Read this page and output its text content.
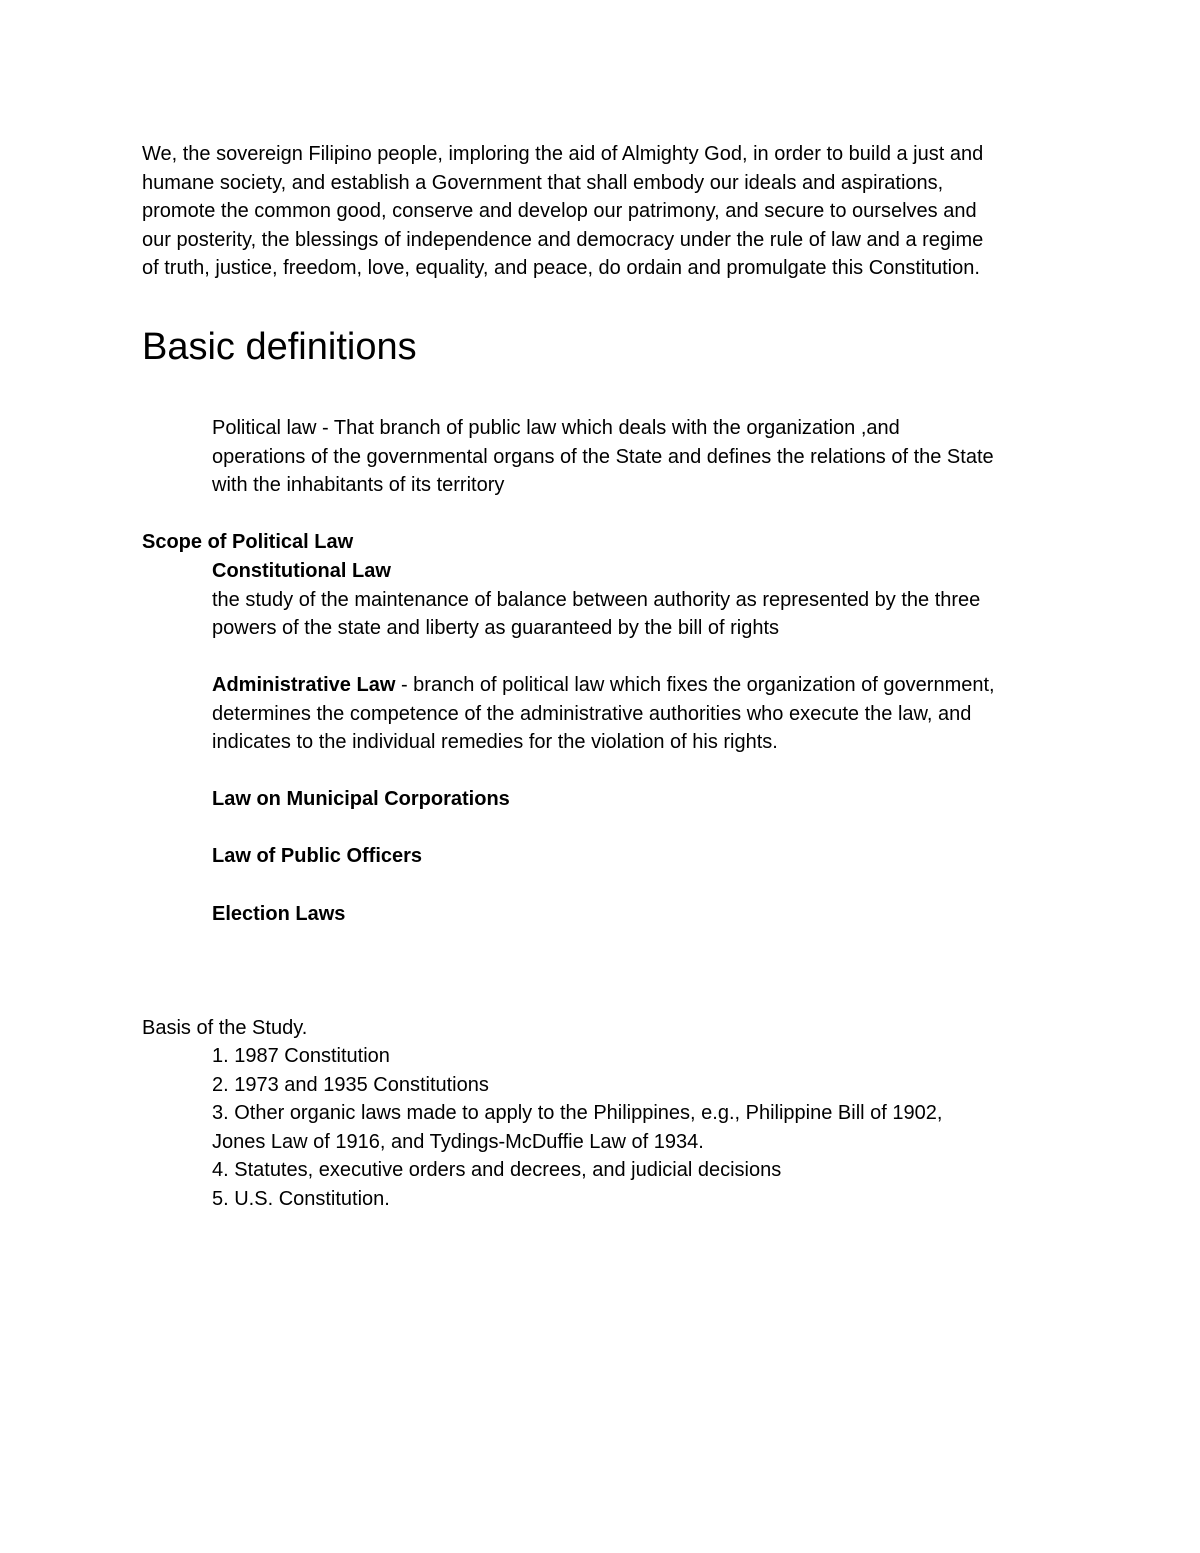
We, the sovereign Filipino people, imploring the aid of Almighty God, in order to build a just and
humane society, and establish a Government that shall embody our ideals and aspirations,
promote the common good, conserve and develop our patrimony, and secure to ourselves and
our posterity, the blessings of independence and democracy under the rule of law and a regime
of truth, justice, freedom, love, equality, and peace, do ordain and promulgate this Constitution.

Basic definitions

Political law - That branch of public law which deals with the organization ,and
operations of the governmental organs of the State and defines the relations of the State
with the inhabitants of its territory

Scope of Political Law

Constitutional Law
the study of the maintenance of balance between authority as represented by the three
powers of the state and liberty as guaranteed by the bill of rights

Administrative Law - branch of political law which fixes the organization of government,
determines the competence of the administrative authorities who execute the law, and
indicates to the individual remedies for the violation of his rights.

Law on Municipal Corporations

Law of Public Officers

Election Laws

Basis of the Study.

1. 1987 Constitution
2. 1973 and 1935 Constitutions
3. Other organic laws made to apply to the Philippines, e.g., Philippine Bill of 1902,
Jones Law of 1916, and Tydings-McDuffie Law of 1934.
4. Statutes, executive orders and decrees, and judicial decisions
5. U.S. Constitution.
